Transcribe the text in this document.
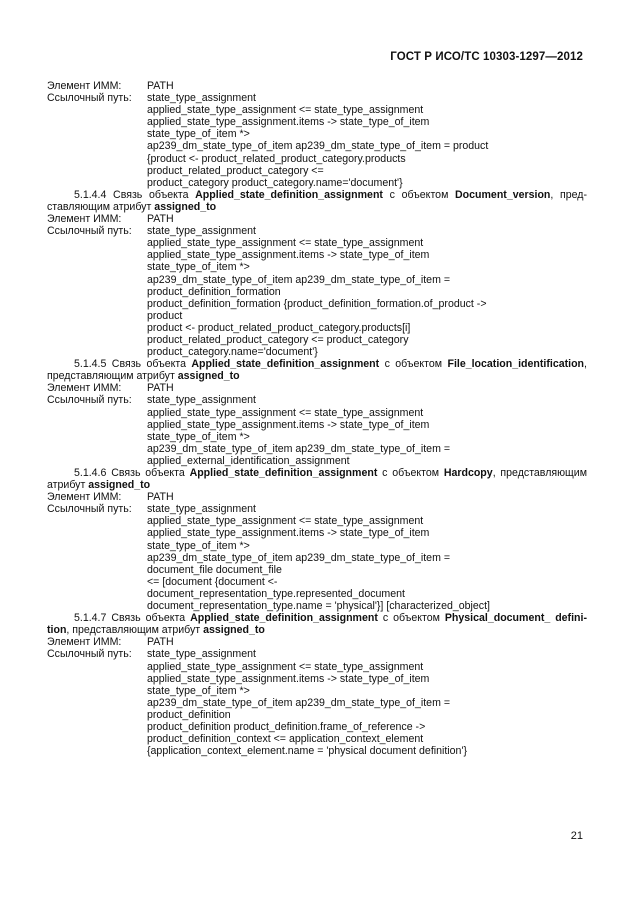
ГОСТ Р ИСО/ТС 10303-1297—2012
Элемент ИММ:	PATH
Ссылочный путь:	state_type_assignment
applied_state_type_assignment <= state_type_assignment
applied_state_type_assignment.items -> state_type_of_item
state_type_of_item *>
ap239_dm_state_type_of_item ap239_dm_state_type_of_item = product
{product <- product_related_product_category.products
product_related_product_category <=
product_category product_category.name='document'}
5.1.4.4 Связь объекта Applied_state_definition_assignment с объектом Document_version, пред- ставляющим атрибут assigned_to
Элемент ИММ:	PATH
Ссылочный путь:	state_type_assignment
applied_state_type_assignment <= state_type_assignment
applied_state_type_assignment.items -> state_type_of_item
state_type_of_item *>
ap239_dm_state_type_of_item ap239_dm_state_type_of_item =
product_definition_formation
product_definition_formation {product_definition_formation.of_product ->
product
product <- product_related_product_category.products[i]
product_related_product_category <= product_category
product_category.name='document'}
5.1.4.5 Связь объекта Applied_state_definition_assignment с объектом File_location_identification, представляющим атрибут assigned_to
Элемент ИММ:	PATH
Ссылочный путь:	state_type_assignment
applied_state_type_assignment <= state_type_assignment
applied_state_type_assignment.items -> state_type_of_item
state_type_of_item *>
ap239_dm_state_type_of_item ap239_dm_state_type_of_item =
applied_external_identification_assignment
5.1.4.6 Связь объекта Applied_state_definition_assignment с объектом Hardcopy, представляющим атрибут assigned_to
Элемент ИММ:	PATH
Ссылочный путь:	state_type_assignment
applied_state_type_assignment <= state_type_assignment
applied_state_type_assignment.items -> state_type_of_item
state_type_of_item *>
ap239_dm_state_type_of_item ap239_dm_state_type_of_item =
document_file document_file
<= [document {document <-
document_representation_type.represented_document
document_representation_type.name = 'physical'}] [characterized_object]
5.1.4.7 Связь объекта Applied_state_definition_assignment с объектом Physical_document_ defini- tion, представляющим атрибут assigned_to
Элемент ИММ:	PATH
Ссылочный путь:	state_type_assignment
applied_state_type_assignment <= state_type_assignment
applied_state_type_assignment.items -> state_type_of_item
state_type_of_item *>
ap239_dm_state_type_of_item ap239_dm_state_type_of_item =
product_definition
product_definition product_definition.frame_of_reference ->
product_definition_context <= application_context_element
{application_context_element.name = 'physical document definition'}
21
